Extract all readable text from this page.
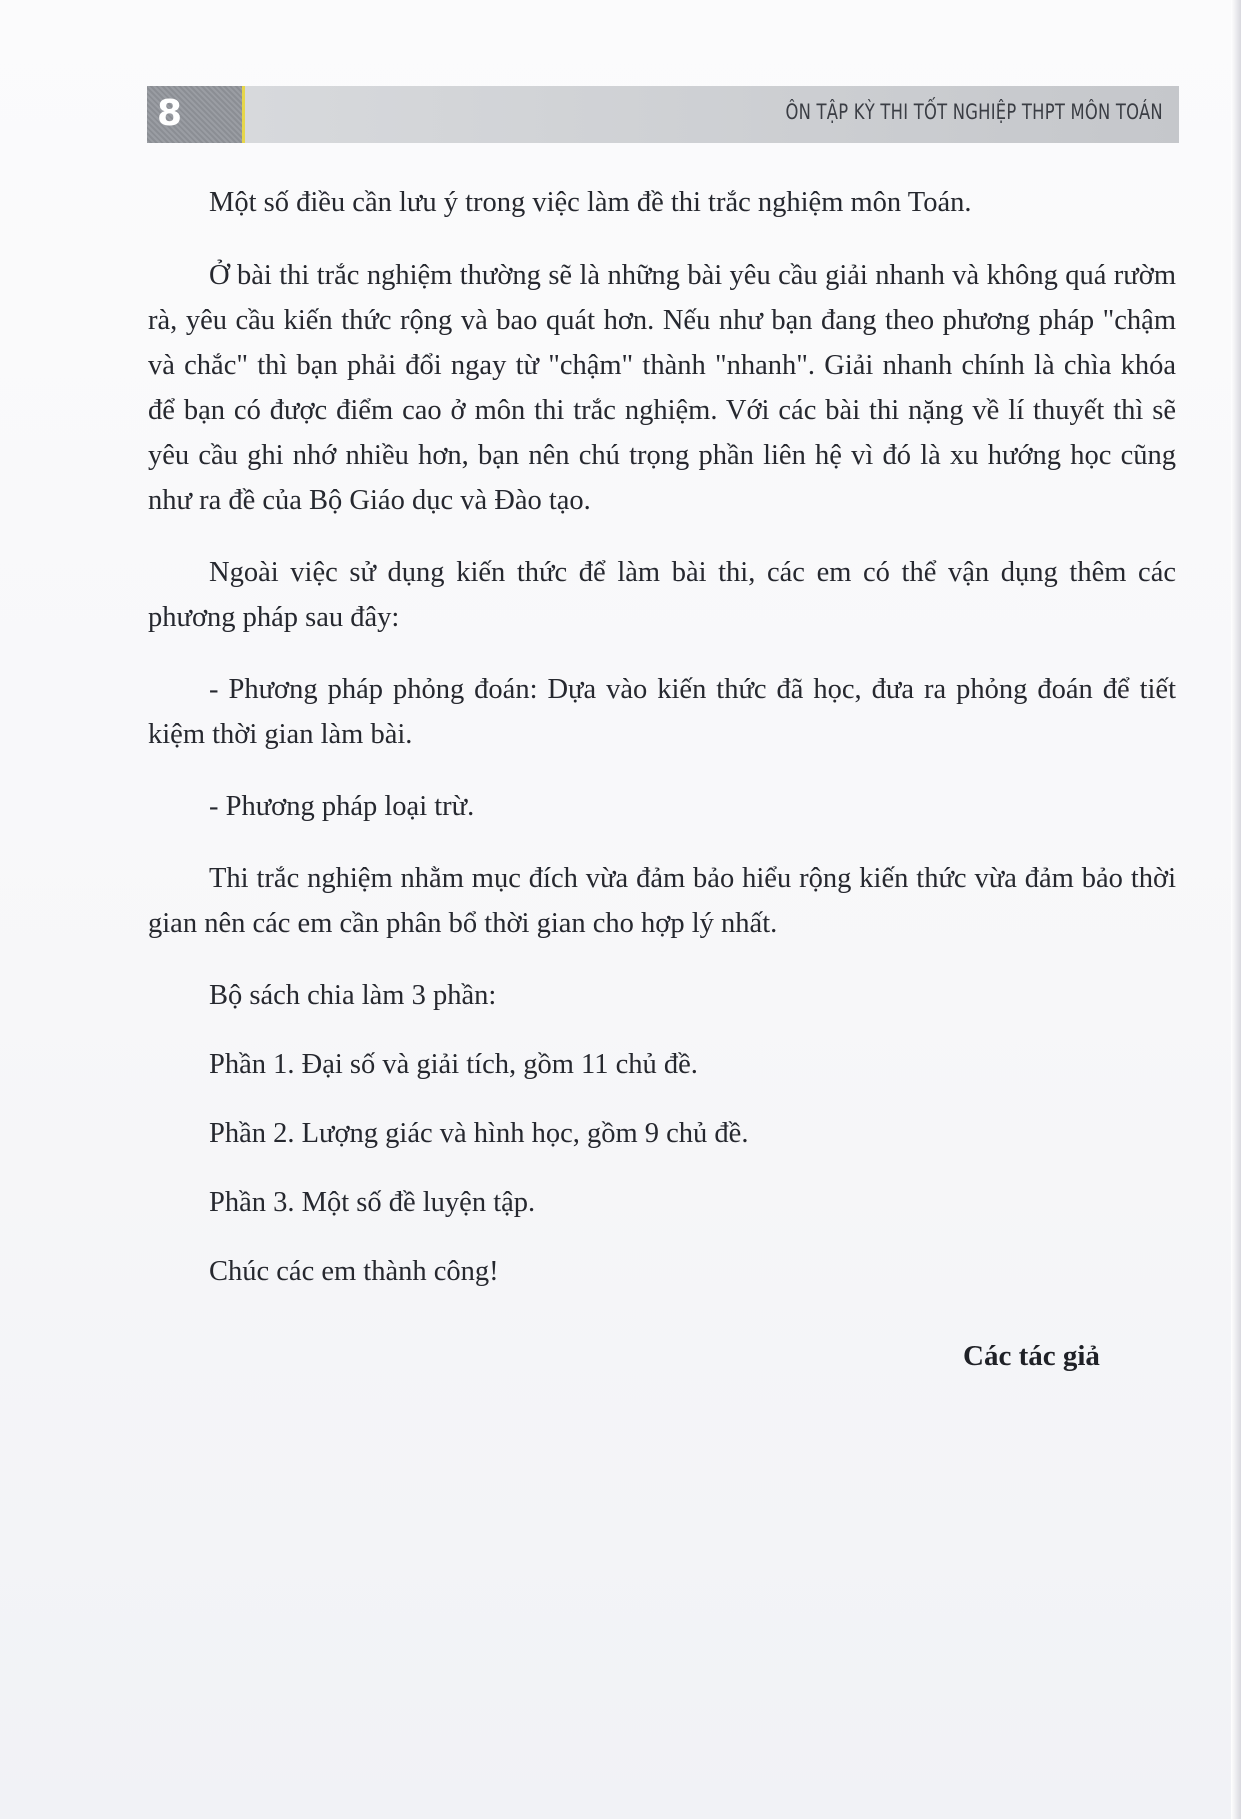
8	ÔN TẬP KỲ THI TỐT NGHIỆP THPT MÔN TOÁN

Một số điều cần lưu ý trong việc làm đề thi trắc nghiệm môn Toán.

Ở bài thi trắc nghiệm thường sẽ là những bài yêu cầu giải nhanh và không quá rườm rà, yêu cầu kiến thức rộng và bao quát hơn. Nếu như bạn đang theo phương pháp "chậm và chắc" thì bạn phải đổi ngay từ "chậm" thành "nhanh". Giải nhanh chính là chìa khóa để bạn có được điểm cao ở môn thi trắc nghiệm. Với các bài thi nặng về lí thuyết thì sẽ yêu cầu ghi nhớ nhiều hơn, bạn nên chú trọng phần liên hệ vì đó là xu hướng học cũng như ra đề của Bộ Giáo dục và Đào tạo.

Ngoài việc sử dụng kiến thức để làm bài thi, các em có thể vận dụng thêm các phương pháp sau đây:

- Phương pháp phỏng đoán: Dựa vào kiến thức đã học, đưa ra phỏng đoán để tiết kiệm thời gian làm bài.

- Phương pháp loại trừ.

Thi trắc nghiệm nhằm mục đích vừa đảm bảo hiểu rộng kiến thức vừa đảm bảo thời gian nên các em cần phân bổ thời gian cho hợp lý nhất.

Bộ sách chia làm 3 phần:

Phần 1. Đại số và giải tích, gồm 11 chủ đề.

Phần 2. Lượng giác và hình học, gồm 9 chủ đề.

Phần 3. Một số đề luyện tập.

Chúc các em thành công!

Các tác giả
